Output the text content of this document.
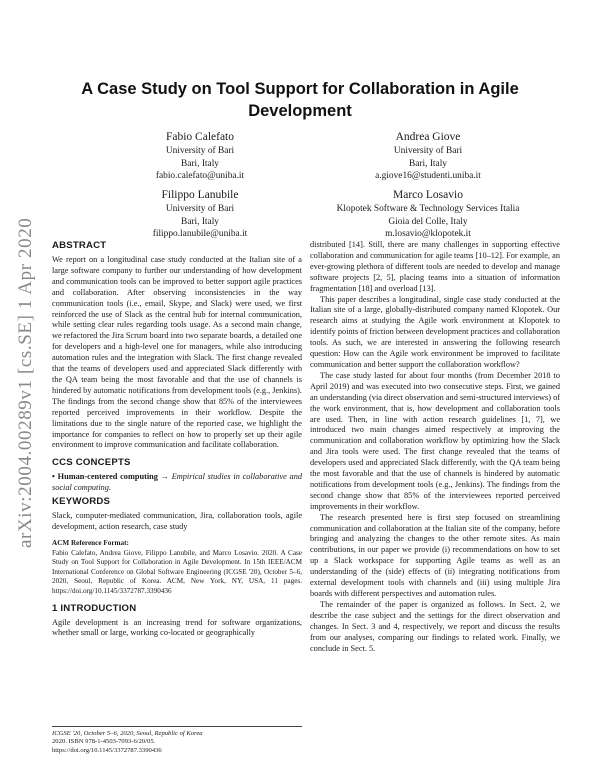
arXiv:2004.00289v1 [cs.SE] 1 Apr 2020
A Case Study on Tool Support for Collaboration in Agile Development
Fabio Calefato
University of Bari
Bari, Italy
fabio.calefato@uniba.it
Andrea Giove
University of Bari
Bari, Italy
a.giove16@studenti.uniba.it
Filippo Lanubile
University of Bari
Bari, Italy
filippo.lanubile@uniba.it
Marco Losavio
Klopotek Software & Technology Services Italia
Gioia del Colle, Italy
m.losavio@klopotek.it
ABSTRACT

We report on a longitudinal case study conducted at the Italian site of a large software company to further our understanding of how development and communication tools can be improved to better support agile practices and collaboration. After observing inconsistencies in the way communication tools (i.e., email, Skype, and Slack) were used, we first reinforced the use of Slack as the central hub for internal communication, while setting clear rules regarding tools usage. As a second main change, we refactored the Jira Scrum board into two separate boards, a detailed one for developers and a high-level one for managers, while also introducing automation rules and the integration with Slack. The first change revealed that the teams of developers used and appreciated Slack differently with the QA team being the most favorable and that the use of channels is hindered by automatic notifications from development tools (e.g., Jenkins). The findings from the second change show that 85% of the interviewees reported perceived improvements in their workflow. Despite the limitations due to the single nature of the reported case, we highlight the importance for companies to reflect on how to properly set up their agile environment to improve communication and facilitate collaboration.

CCS CONCEPTS

• Human-centered computing → Empirical studies in collaborative and social computing.

KEYWORDS

Slack, computer-mediated communication, Jira, collaboration tools, agile development, action research, case study

ACM Reference Format:
Fabio Calefato, Andrea Giove, Filippo Lanubile, and Marco Losavio. 2020. A Case Study on Tool Support for Collaboration in Agile Development. In 15th IEEE/ACM International Conference on Global Software Engineering (ICGSE '20), October 5–6, 2020, Seoul, Republic of Korea. ACM, New York, NY, USA, 11 pages. https://doi.org/10.1145/3372787.3390436

1 INTRODUCTION

Agile development is an increasing trend for software organizations, whether small or large, working co-located or geographically

ICGSE '20, October 5–6, 2020, Seoul, Republic of Korea
2020. ISBN 978-1-4503-7093-6/20/05.
https://doi.org/10.1145/3372787.3390436

distributed [14]. Still, there are many challenges in supporting effective collaboration and communication for agile teams [10–12]. For example, an ever-growing plethora of different tools are needed to develop and manage software projects [2, 5], placing teams into a situation of information fragmentation [18] and overload [13].

This paper describes a longitudinal, single case study conducted at the Italian site of a large, globally-distributed company named Klopotek. Our research aims at studying the Agile work environment at Klopotek to identify points of friction between development practices and collaboration tools. As such, we are interested in answering the following research question: How can the Agile work environment be improved to facilitate communication and better support the collaboration workflow?

The case study lasted for about four months (from December 2018 to April 2019) and was executed into two consecutive steps. First, we gained an understanding (via direct observation and semi-structured interviews) of the work environment, that is, how development and collaboration tools are used. Then, in line with action research guidelines [1, 7], we introduced two main changes aimed respectively at improving the communication and collaboration workflow by optimizing how the Slack and Jira tools were used. The first change revealed that the teams of developers used and appreciated Slack differently, with the QA team being the most favorable and that the use of channels is hindered by automatic notifications from development tools (e.g., Jenkins). The findings from the second change show that 85% of the interviewees reported perceived improvements in their workflow.

The research presented here is first step focused on streamlining communication and collaboration at the Italian site of the company, before bringing and analyzing the changes to the other remote sites. As main contributions, in our paper we provide (i) recommendations on how to set up a Slack workspace for supporting Agile teams as well as an understanding of the (side) effects of (ii) integrating notifications from external development tools with channels and (iii) using multiple Jira boards with different perspectives and automation rules.

The remainder of the paper is organized as follows. In Sect. 2, we describe the case subject and the settings for the direct observation and changes. In Sect. 3 and 4, respectively, we report and discuss the results from our analyses, comparing our findings to related work. Finally, we conclude in Sect. 5.
